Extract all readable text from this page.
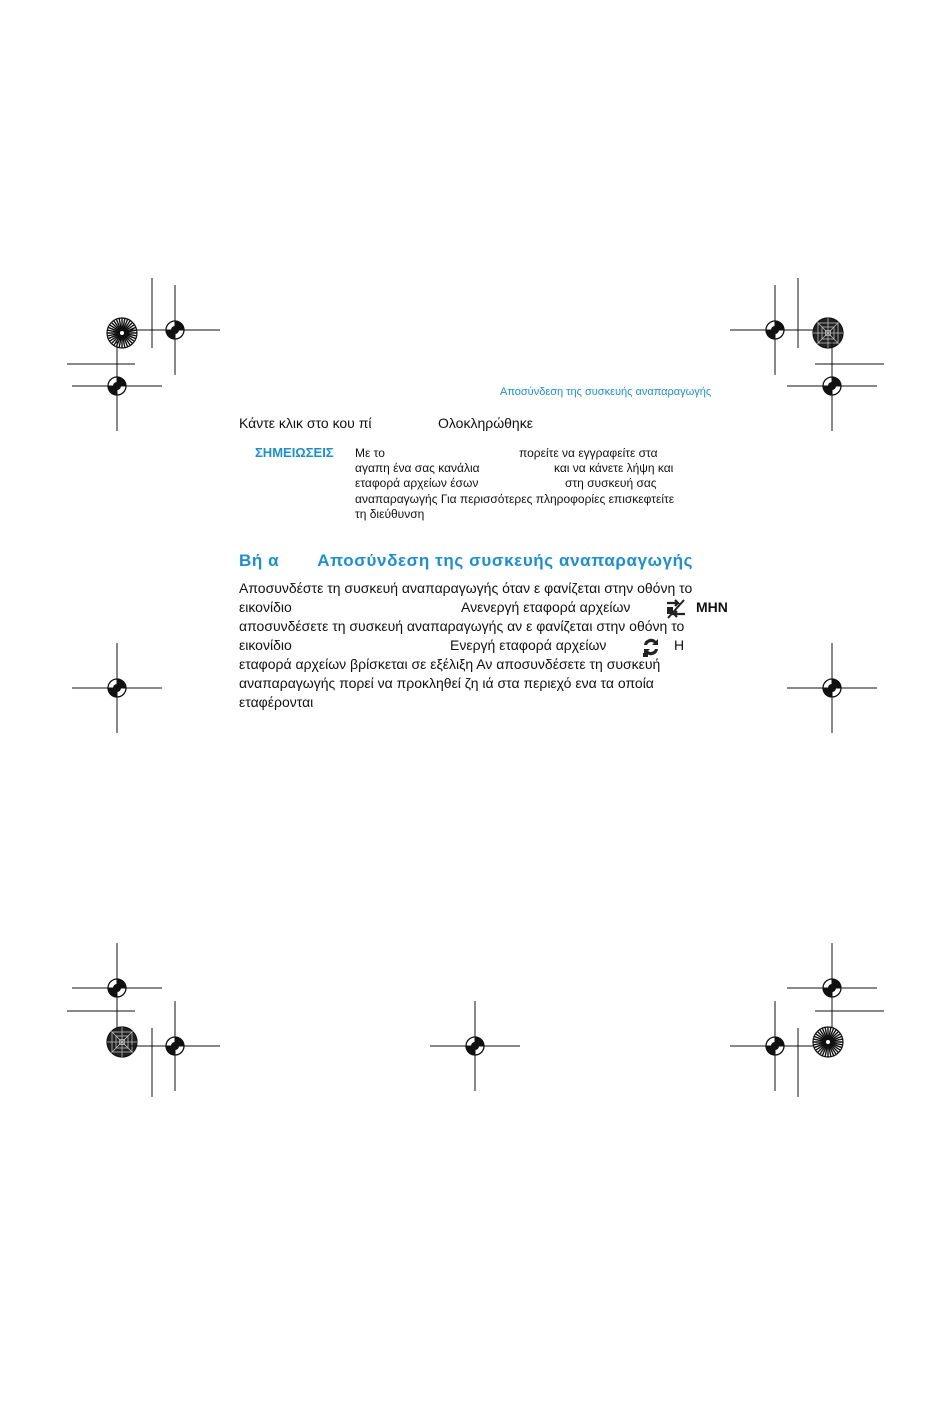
Αποσύνδεση της συσκευής αναπαραγωγής
Κάντε κλικ στο κου πί	Ολοκληρώθηκε
ΣΗΜΕΙΩΣΕΙΣ Με το	πορείτε να εγγραφείτε στα
αγαπη ένα σας κανάλια	και να κάνετε λήψη και
εταφορά αρχείων έσων	στη συσκευή σας
αναπαραγωγής Για περισσότερες πληροφορίες επισκεφτείτε
τη διεύθυνση
Βή α Αποσύνδεση της συσκευής αναπαραγωγής
Αποσυνδέστε τη συσκευή αναπαραγωγής όταν ε φανίζεται στην οθόνη το
εικονίδιο	Ανενεργή εταφορά αρχείων	ΜΗΝ
αποσυνδέσετε τη συσκευή αναπαραγωγής αν ε φανίζεται στην οθόνη το
εικονίδιο	Ενεργή εταφορά αρχείων	Η
εταφορά αρχείων βρίσκεται σε εξέλιξη Αν αποσυνδέσετε τη συσκευή
αναπαραγωγής πορεί να προκληθεί ζη ιά στα περιεχό ενα τα οποία
εταφέρονται
